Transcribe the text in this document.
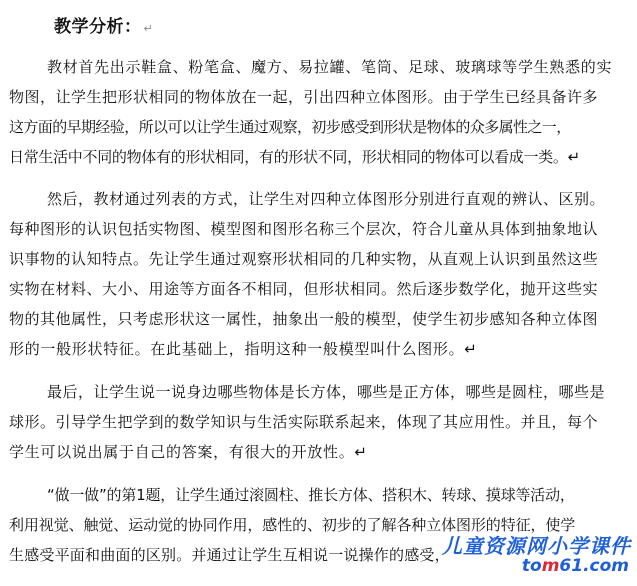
教学分析： ↵
教材首先出示鞋盒、粉笔盒、魔方、易拉罐、笔筒、足球、玻璃球等学生熟悉的实
物图，让学生把形状相同的物体放在一起，引出四种立体图形。由于学生已经具备许多
这方面的早期经验，所以可以让学生通过观察，初步感受到形状是物体的众多属性之一，
日常生活中不同的物体有的形状相同，有的形状不同，形状相同的物体可以看成一类。↵
然后，教材通过列表的方式，让学生对四种立体图形分别进行直观的辨认、区别。
每种图形的认识包括实物图、模型图和图形名称三个层次，符合儿童从具体到抽象地认
识事物的认知特点。先让学生通过观察形状相同的几种实物，从直观上认识到虽然这些
实物在材料、大小、用途等方面各不相同，但形状相同。然后逐步数学化，抛开这些实
物的其他属性，只考虑形状这一属性，抽象出一般的模型，使学生初步感知各种立体图
形的一般形状特征。在此基础上，指明这种一般模型叫什么图形。↵
最后，让学生说一说身边哪些物体是长方体，哪些是正方体，哪些是圆柱，哪些是
球形。引导学生把学到的数学知识与生活实际联系起来，体现了其应用性。并且，每个
学生可以说出属于自己的答案，有很大的开放性。↵
“做一做”的第1题，让学生通过滚圆柱、推长方体、搭积木、转球、摸球等活动，
利用视觉、触觉、运动觉的协同作用，感性的、初步的了解各种立体图形的特征，使学
生感受平面和曲面的区别。并通过让学生互相说一说操作的感受，
儿童资源网小学课件
tom61.com
